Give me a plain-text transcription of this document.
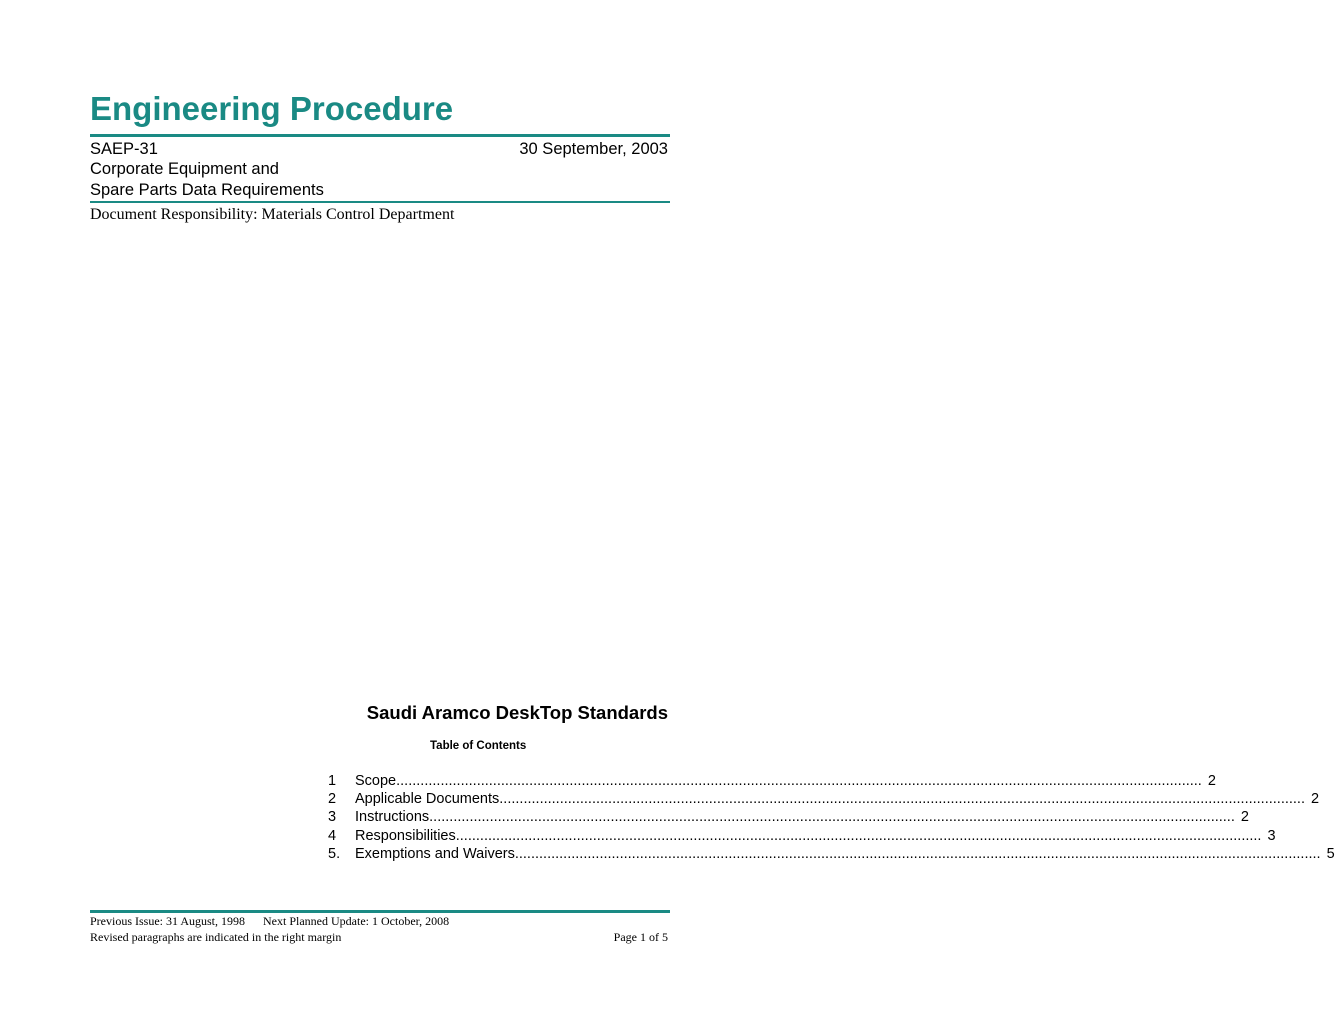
Engineering Procedure
SAEP-31	30 September, 2003
Corporate Equipment and
Spare Parts Data Requirements
Document Responsibility: Materials Control Department
Saudi Aramco DeskTop Standards
Table of Contents
1	Scope ........................................................................................................................................................................................................ 2
2	Applicable Documents ........................................................................................................................................................................................................ 2
3	Instructions ........................................................................................................................................................................................................ 2
4	Responsibilities ........................................................................................................................................................................................................ 3
5.	Exemptions and Waivers ........................................................................................................................................................................................................ 5
Previous Issue: 31 August, 1998 Next Planned Update: 1 October, 2008
Revised paragraphs are indicated in the right margin	Page 1 of 5
